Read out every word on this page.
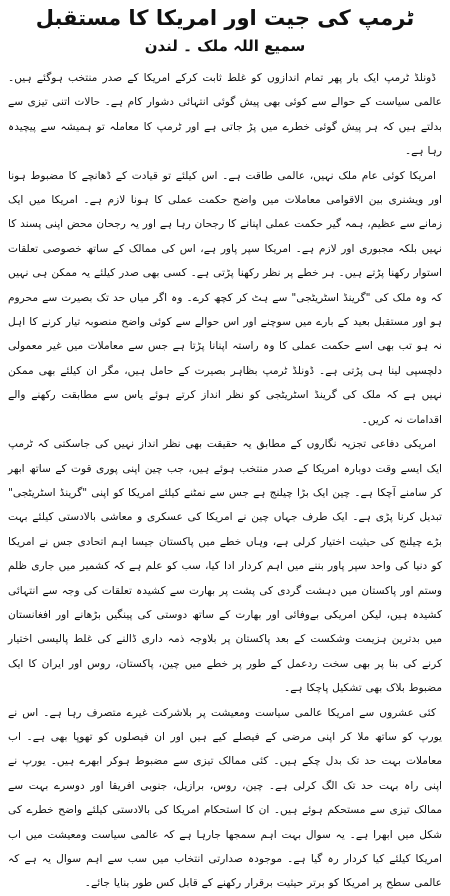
ٹرمپ کی جیت اور امریکا کا مستقبل
سمیع اللہ ملک ۔ لندن

ڈونلڈ ٹرمپ ایک بار پھر تمام اندازوں کو غلط ثابت کرکے امریکا کے صدر منتخب ہوگئے ہیں۔ عالمی سیاست کے حوالے سے کوئی بھی پیش گوئی انتہائی دشوار کام ہے۔ حالات اتنی تیزی سے بدلتے ہیں کہ ہر پیش گوئی خطرے میں پڑ جاتی ہے اور ٹرمپ کا معاملہ تو ہمیشہ سے پیچیدہ رہا ہے۔

امریکا کوئی عام ملک نہیں، عالمی طاقت ہے۔ اس کیلئے تو قیادت کے ڈھانچے کا مضبوط ہونا اور ویشنری بین الاقوامی معاملات میں واضح حکمت عملی کا ہونا لازم ہے۔ امریکا میں ایک زمانے سے عظیم، ہمہ گیر حکمت عملی اپنانے کا رجحان رہا ہے اور یہ رجحان محض اپنی پسند کا نہیں بلکہ مجبوری اور لازم ہے۔ امریکا سپر پاور ہے، اس کی ممالک کے ساتھ خصوصی تعلقات استوار رکھنا پڑتے ہیں۔ ہر خطے پر نظر رکھنا پڑتی ہے۔ کسی بھی صدر کیلئے یہ ممکن ہی نہیں کہ وہ ملک کی "گرینڈ اسٹریٹجی" سے ہٹ کر کچھ کرے۔ وہ اگر میاں حد تک بصیرت سے محروم ہو اور مستقبل بعید کے بارے میں سوچنے اور اس حوالے سے کوئی واضح منصوبہ تیار کرنے کا اہل نہ ہو تب بھی اسے حکمت عملی کا وہ راستہ اپنانا پڑتا ہے جس سے معاملات میں غیر معمولی دلچسپی لینا ہی پڑتی ہے۔ ڈونلڈ ٹرمپ بظاہر بصیرت کے حامل ہیں، مگر ان کیلئے بھی ممکن نہیں ہے کہ ملک کی گرینڈ اسٹریٹجی کو نظر انداز کرتے ہوئے یاس سے مطابقت رکھنے والے اقدامات نہ کریں۔

امریکی دفاعی تجزیہ نگاروں کے مطابق یہ حقیقت بھی نظر انداز نہیں کی جاسکتی کہ ٹرمپ ایک ایسے وقت دوبارہ امریکا کے صدر منتخب ہوئے ہیں، جب چین اپنی پوری قوت کے ساتھ ابھر کر سامنے آچکا ہے۔ چین ایک بڑا چیلنج ہے جس سے نمٹنے کیلئے امریکا کو اپنی "گرینڈ اسٹریٹجی" تبدیل کرنا پڑی ہے۔ ایک طرف جہاں چین نے امریکا کی عسکری و معاشی بالادستی کیلئے بہت بڑے چیلنج کی حیثیت اختیار کرلی ہے، وہاں خطے میں پاکستان جیسا اہم اتحادی جس نے امریکا کو دنیا کی واحد سپر پاور بننے میں اہم کردار ادا کیا، سب کو علم ہے کہ کشمیر میں جاری ظلم وستم اور پاکستان میں دہشت گردی کی پشت پر بھارت سے کشیدہ تعلقات کی وجہ سے انتہائی کشیدہ ہیں، لیکن امریکی بےوفائی اور بھارت کے ساتھ دوستی کی پینگیں بڑھانے اور افغانستان میں بدترین ہزیمت وشکست کے بعد پاکستان پر بلاوجہ ذمہ داری ڈالنے کی غلط پالیسی اختیار کرنے کی بنا پر بھی سخت ردعمل کے طور پر خطے میں چین، پاکستان، روس اور ایران کا ایک مضبوط بلاک بھی تشکیل پاچکا ہے۔

کئی عشروں سے امریکا عالمی سیاست ومعیشت پر بلاشرکت غیرے متصرف رہا ہے۔ اس نے یورپ کو ساتھ ملا کر اپنی مرضی کے فیصلے کیے ہیں اور ان فیصلوں کو تھوپا بھی ہے۔ اب معاملات بہت حد تک بدل چکے ہیں۔ کئی ممالک تیزی سے مضبوط ہوکر ابھرے ہیں۔ یورپ نے اپنی راہ بہت حد تک الگ کرلی ہے۔ چین، روس، برازیل، جنوبی افریقا اور دوسرے بہت سے ممالک تیزی سے مستحکم ہوئے ہیں۔ ان کا استحکام امریکا کی بالادستی کیلئے واضح خطرے کی شکل میں ابھرا ہے۔ یہ سوال بہت اہم سمجھا جارہا ہے کہ عالمی سیاست ومعیشت میں اب امریکا کیلئے کیا کردار رہ گیا ہے۔ موجودہ صدارتی انتخاب میں سب سے اہم سوال یہ ہے کہ عالمی سطح پر امریکا کو برتر حیثیت برقرار رکھنے کے قابل کس طور بنایا جائے۔
